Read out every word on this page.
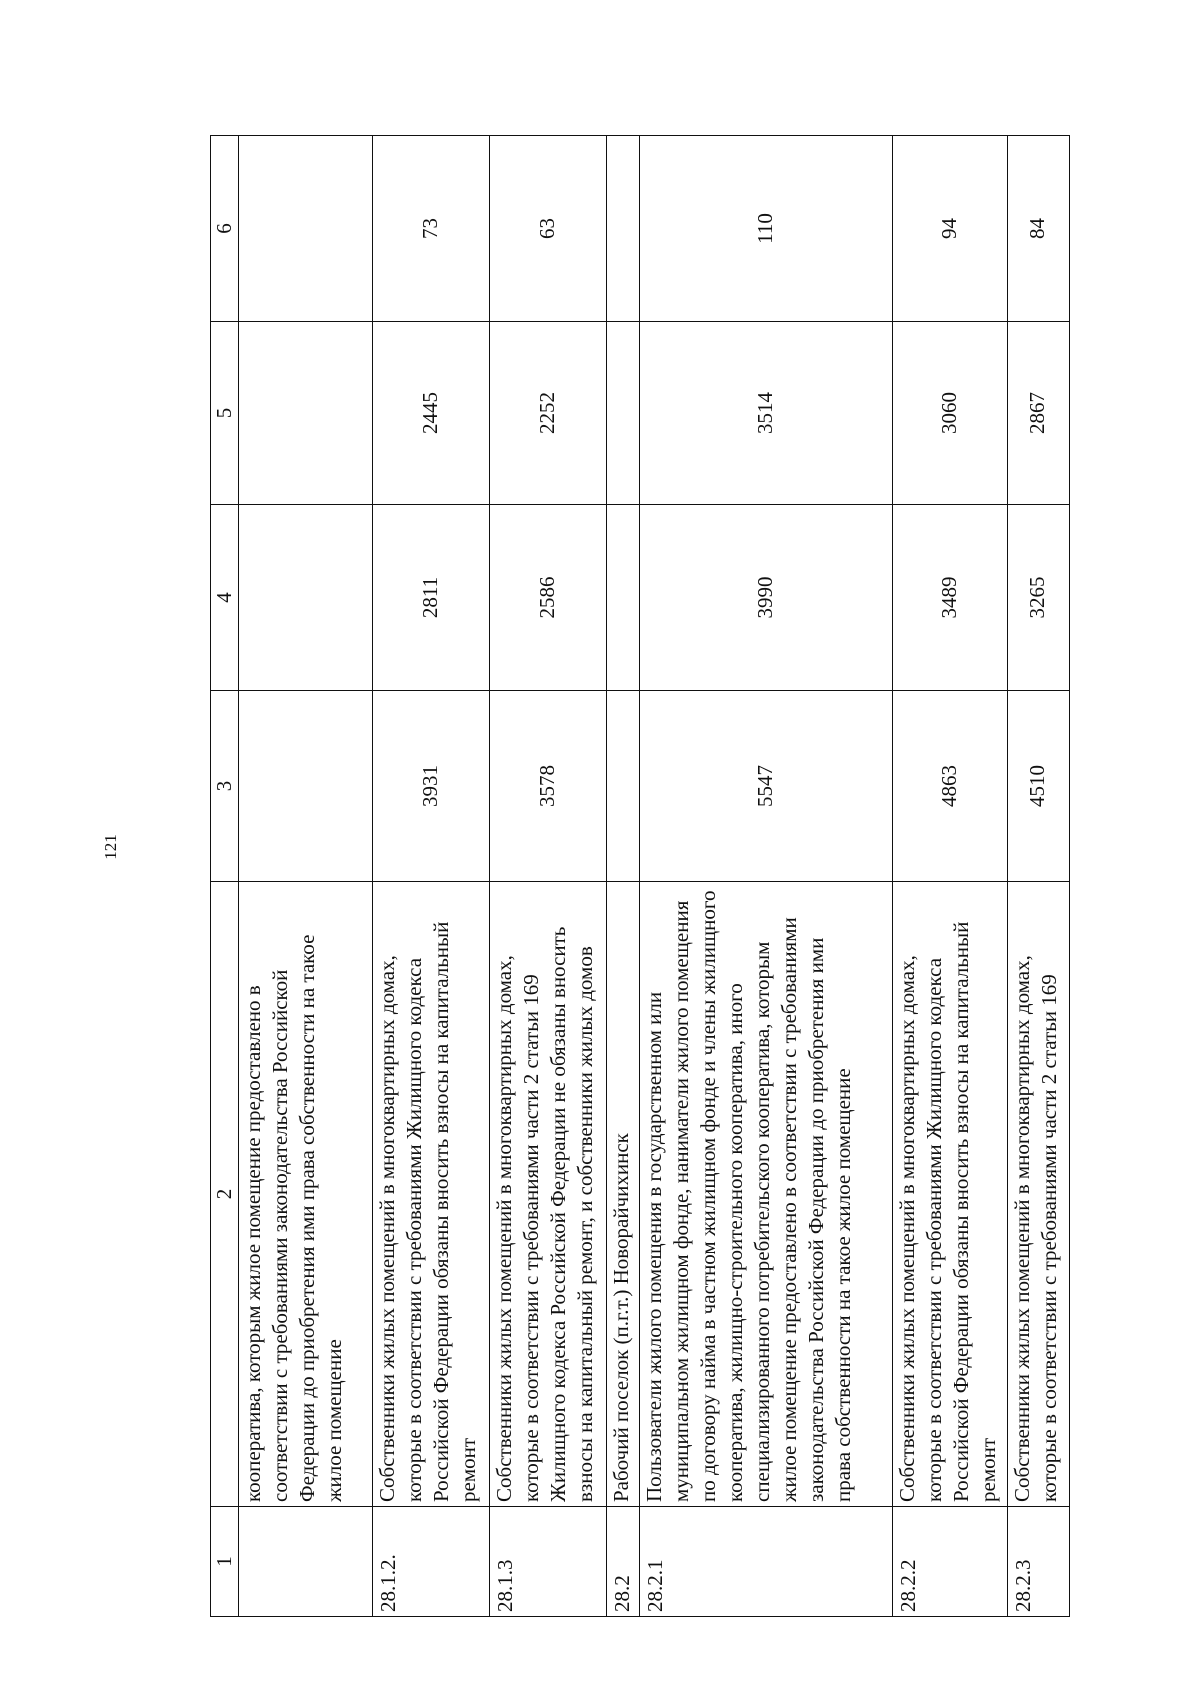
121
1	2	3	4	5	6
	кооператива, которым жилое помещение предоставлено в соответствии с требованиями законодательства Российской Федерации до приобретения ими права собственности на такое жилое помещение				
28.1.2.	Собственники жилых помещений в многоквартирных домах, которые в соответствии с требованиями Жилищного кодекса Российской Федерации обязаны вносить взносы на капитальный ремонт	3931	2811	2445	73
28.1.3	Собственники жилых помещений в многоквартирных домах, которые в соответствии с требованиями части 2 статьи 169 Жилищного кодекса Российской Федерации не обязаны вносить взносы на капитальный ремонт, и собственники жилых домов	3578	2586	2252	63
28.2	Рабочий поселок (п.г.т.) Новорайчихинск				
28.2.1	Пользователи жилого помещения в государственном или муниципальном жилищном фонде, наниматели жилого помещения по договору найма в частном жилищном фонде и члены жилищного кооператива, жилищно-строительного кооператива, иного специализированного потребительского кооператива, которым жилое помещение предоставлено в соответствии с требованиями законодательства Российской Федерации до приобретения ими права собственности на такое жилое помещение	5547	3990	3514	110
28.2.2	Собственники жилых помещений в многоквартирных домах, которые в соответствии с требованиями Жилищного кодекса Российской Федерации обязаны вносить взносы на капитальный ремонт	4863	3489	3060	94
28.2.3	Собственники жилых помещений в многоквартирных домах, которые в соответствии с требованиями части 2 статьи 169	4510	3265	2867	84
